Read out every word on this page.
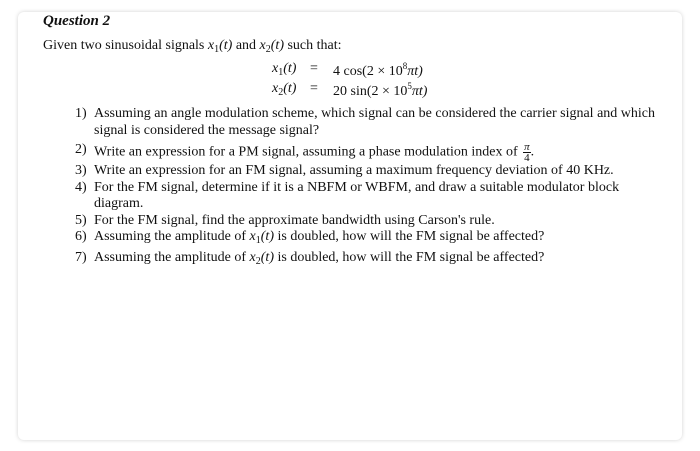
Question 2
Given two sinusoidal signals $x_1(t)$ and $x_2(t)$ such that:
$x_1(t) = 4$ $\cos(2 \times 10^8\pi t)$
$x_2(t) = 20$ $\sin(2 \times 10^5\pi t)$
1) Assuming an angle modulation scheme, which signal can be considered the carrier signal and which signal is considered the message signal?
2) Write an expression for a PM signal, assuming a phase modulation index of $\frac{\pi}{4}$ .
3) Write an expression for an FM signal, assuming a maximum frequency deviation of 40 KHz.
4) For the FM signal, determine if it is a NBFM or WBFM, and draw a suitable modulator block diagram.
5) For the FM signal, find the approximate bandwidth using Carson's rule.
6) Assuming the amplitude of $x_1(t)$ is doubled, how will the FM signal be affected?
7) Assuming the amplitude of $x_2(t)$ is doubled, how will the FM signal be affected?
